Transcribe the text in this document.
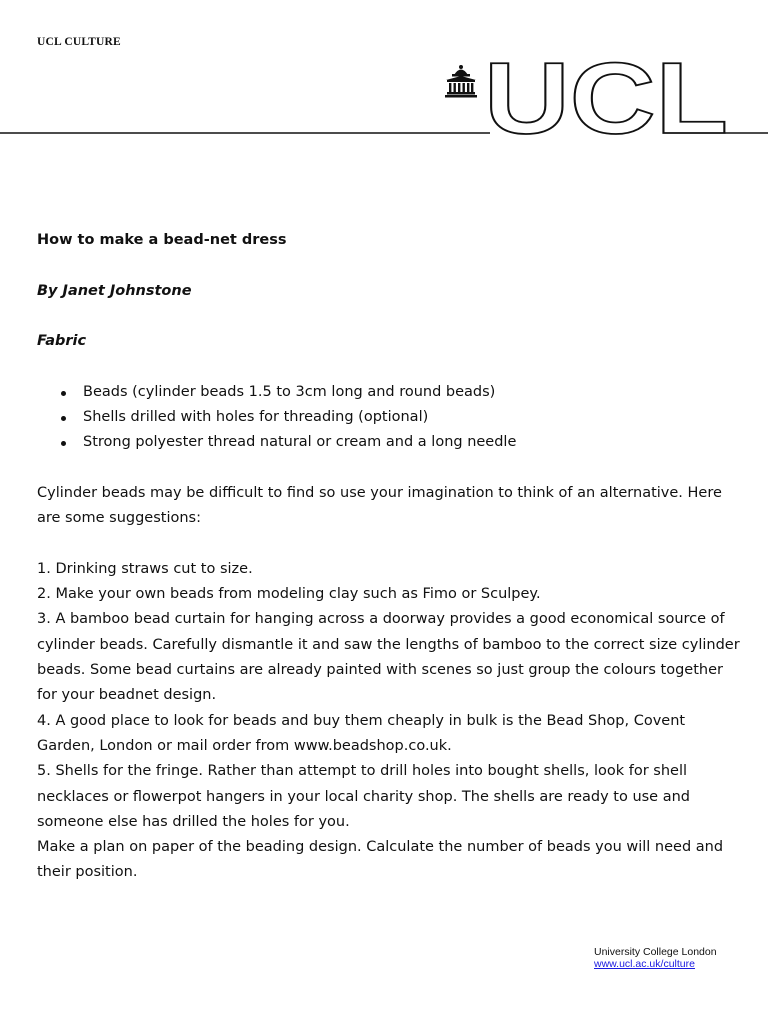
UCL CULTURE
UCL
How to make a bead-net dress
By Janet Johnstone
Fabric
Beads (cylinder beads 1.5 to 3cm long and round beads)
Shells drilled with holes for threading (optional)
Strong polyester thread natural or cream and a long needle

Cylinder beads may be difficult to find so use your imagination to think of an alternative. Here are some suggestions:

1. Drinking straws cut to size.

2. Make your own beads from modeling clay such as Fimo or Sculpey.

3. A bamboo bead curtain for hanging across a doorway provides a good economical source of cylinder beads. Carefully dismantle it and saw the lengths of bamboo to the correct size cylinder beads. Some bead curtains are already painted with scenes so just group the colours together for your beadnet design.

4. A good place to look for beads and buy them cheaply in bulk is the Bead Shop, Covent Garden, London or mail order from www.beadshop.co.uk.

5. Shells for the fringe. Rather than attempt to drill holes into bought shells, look for shell necklaces or flowerpot hangers in your local charity shop. The shells are ready to use and someone else has drilled the holes for you.

Make a plan on paper of the beading design. Calculate the number of beads you will need and their position.

University College London
www.ucl.ac.uk/culture
